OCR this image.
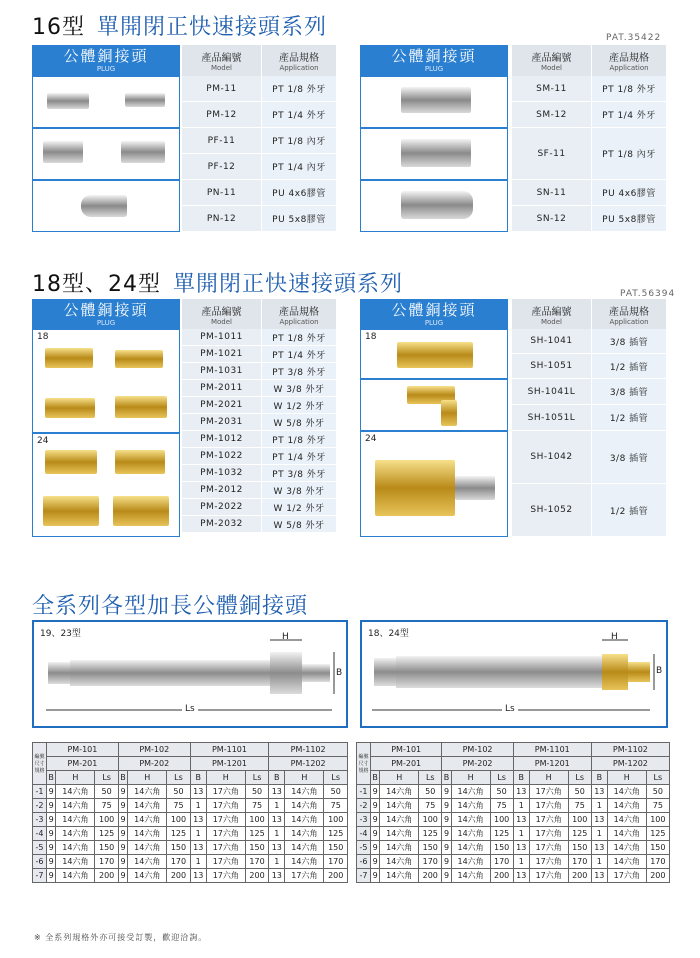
16型 單開閉正快速接頭系列	PAT.35422
公體銅接頭
PLUG
產品編號
Model
產品規格
Application
PM-11	PT 1/8 外牙
PM-12	PT 1/4 外牙
PF-11	PT 1/8 內牙
PF-12	PT 1/4 內牙
PN-11	PU 4x6膠管
PN-12	PU 5x8膠管
公體銅接頭
PLUG
產品編號
Model
產品規格
Application
SM-11	PT 1/8 外牙
SM-12	PT 1/4 外牙
SF-11	PT 1/8 內牙
SN-11	PU 4x6膠管
SN-12	PU 5x8膠管
18型、24型 單開閉正快速接頭系列	PAT.56394
公體銅接頭
PLUG
18
24
產品編號
Model
產品規格
Application
PM-1011	PT 1/8 外牙
PM-1021	PT 1/4 外牙
PM-1031	PT 3/8 外牙
PM-2011	W 3/8 外牙
PM-2021	W 1/2 外牙
PM-2031	W 5/8 外牙
PM-1012	PT 1/8 外牙
PM-1022	PT 1/4 外牙
PM-1032	PT 3/8 外牙
PM-2012	W 3/8 外牙
PM-2022	W 1/2 外牙
PM-2032	W 5/8 外牙
公體銅接頭
PLUG
18
24
產品編號
Model
產品規格
Application
SH-1041	3/8 插管
SH-1051	1/2 插管
SH-1041L	3/8 插管
SH-1051L	1/2 插管
SH-1042	3/8 插管
SH-1052	1/2 插管
全系列各型加長公體銅接頭
19、23型	H
B
Ls
18、24型	H
B
Ls
編號
尺寸
規格	PM-101			PM-102			PM-1101			PM-1102		
	PM-201			PM-202			PM-1201			PM-1202		
	B	H	Ls	B	H	Ls	B	H	Ls	B	H	Ls
-1	9	14六角	50	9	14六角	50	13	17六角	50	13	14六角	50
-2	9	14六角	75	9	14六角	75	1	17六角	75	1	14六角	75
-3	9	14六角	100	9	14六角	100	13	17六角	100	13	14六角	100
-4	9	14六角	125	9	14六角	125	1	17六角	125	1	14六角	125
-5	9	14六角	150	9	14六角	150	13	17六角	150	13	14六角	150
-6	9	14六角	170	9	14六角	170	1	17六角	170	1	14六角	170
-7	9	14六角	200	9	14六角	200	13	17六角	200	13	17六角	200
編號
尺寸
規格	PM-101			PM-102			PM-1101			PM-1102		
	PM-201			PM-202			PM-1201			PM-1202		
	B	H	Ls	B	H	Ls	B	H	Ls	B	H	Ls
-1	9	14六角	50	9	14六角	50	13	17六角	50	13	14六角	50
-2	9	14六角	75	9	14六角	75	1	17六角	75	1	14六角	75
-3	9	14六角	100	9	14六角	100	13	17六角	100	13	14六角	100
-4	9	14六角	125	9	14六角	125	1	17六角	125	1	14六角	125
-5	9	14六角	150	9	14六角	150	13	17六角	150	13	14六角	150
-6	9	14六角	170	9	14六角	170	1	17六角	170	1	14六角	170
-7	9	14六角	200	9	14六角	200	13	17六角	200	13	17六角	200
※ 全系列規格外亦可接受訂製，歡迎洽詢。
